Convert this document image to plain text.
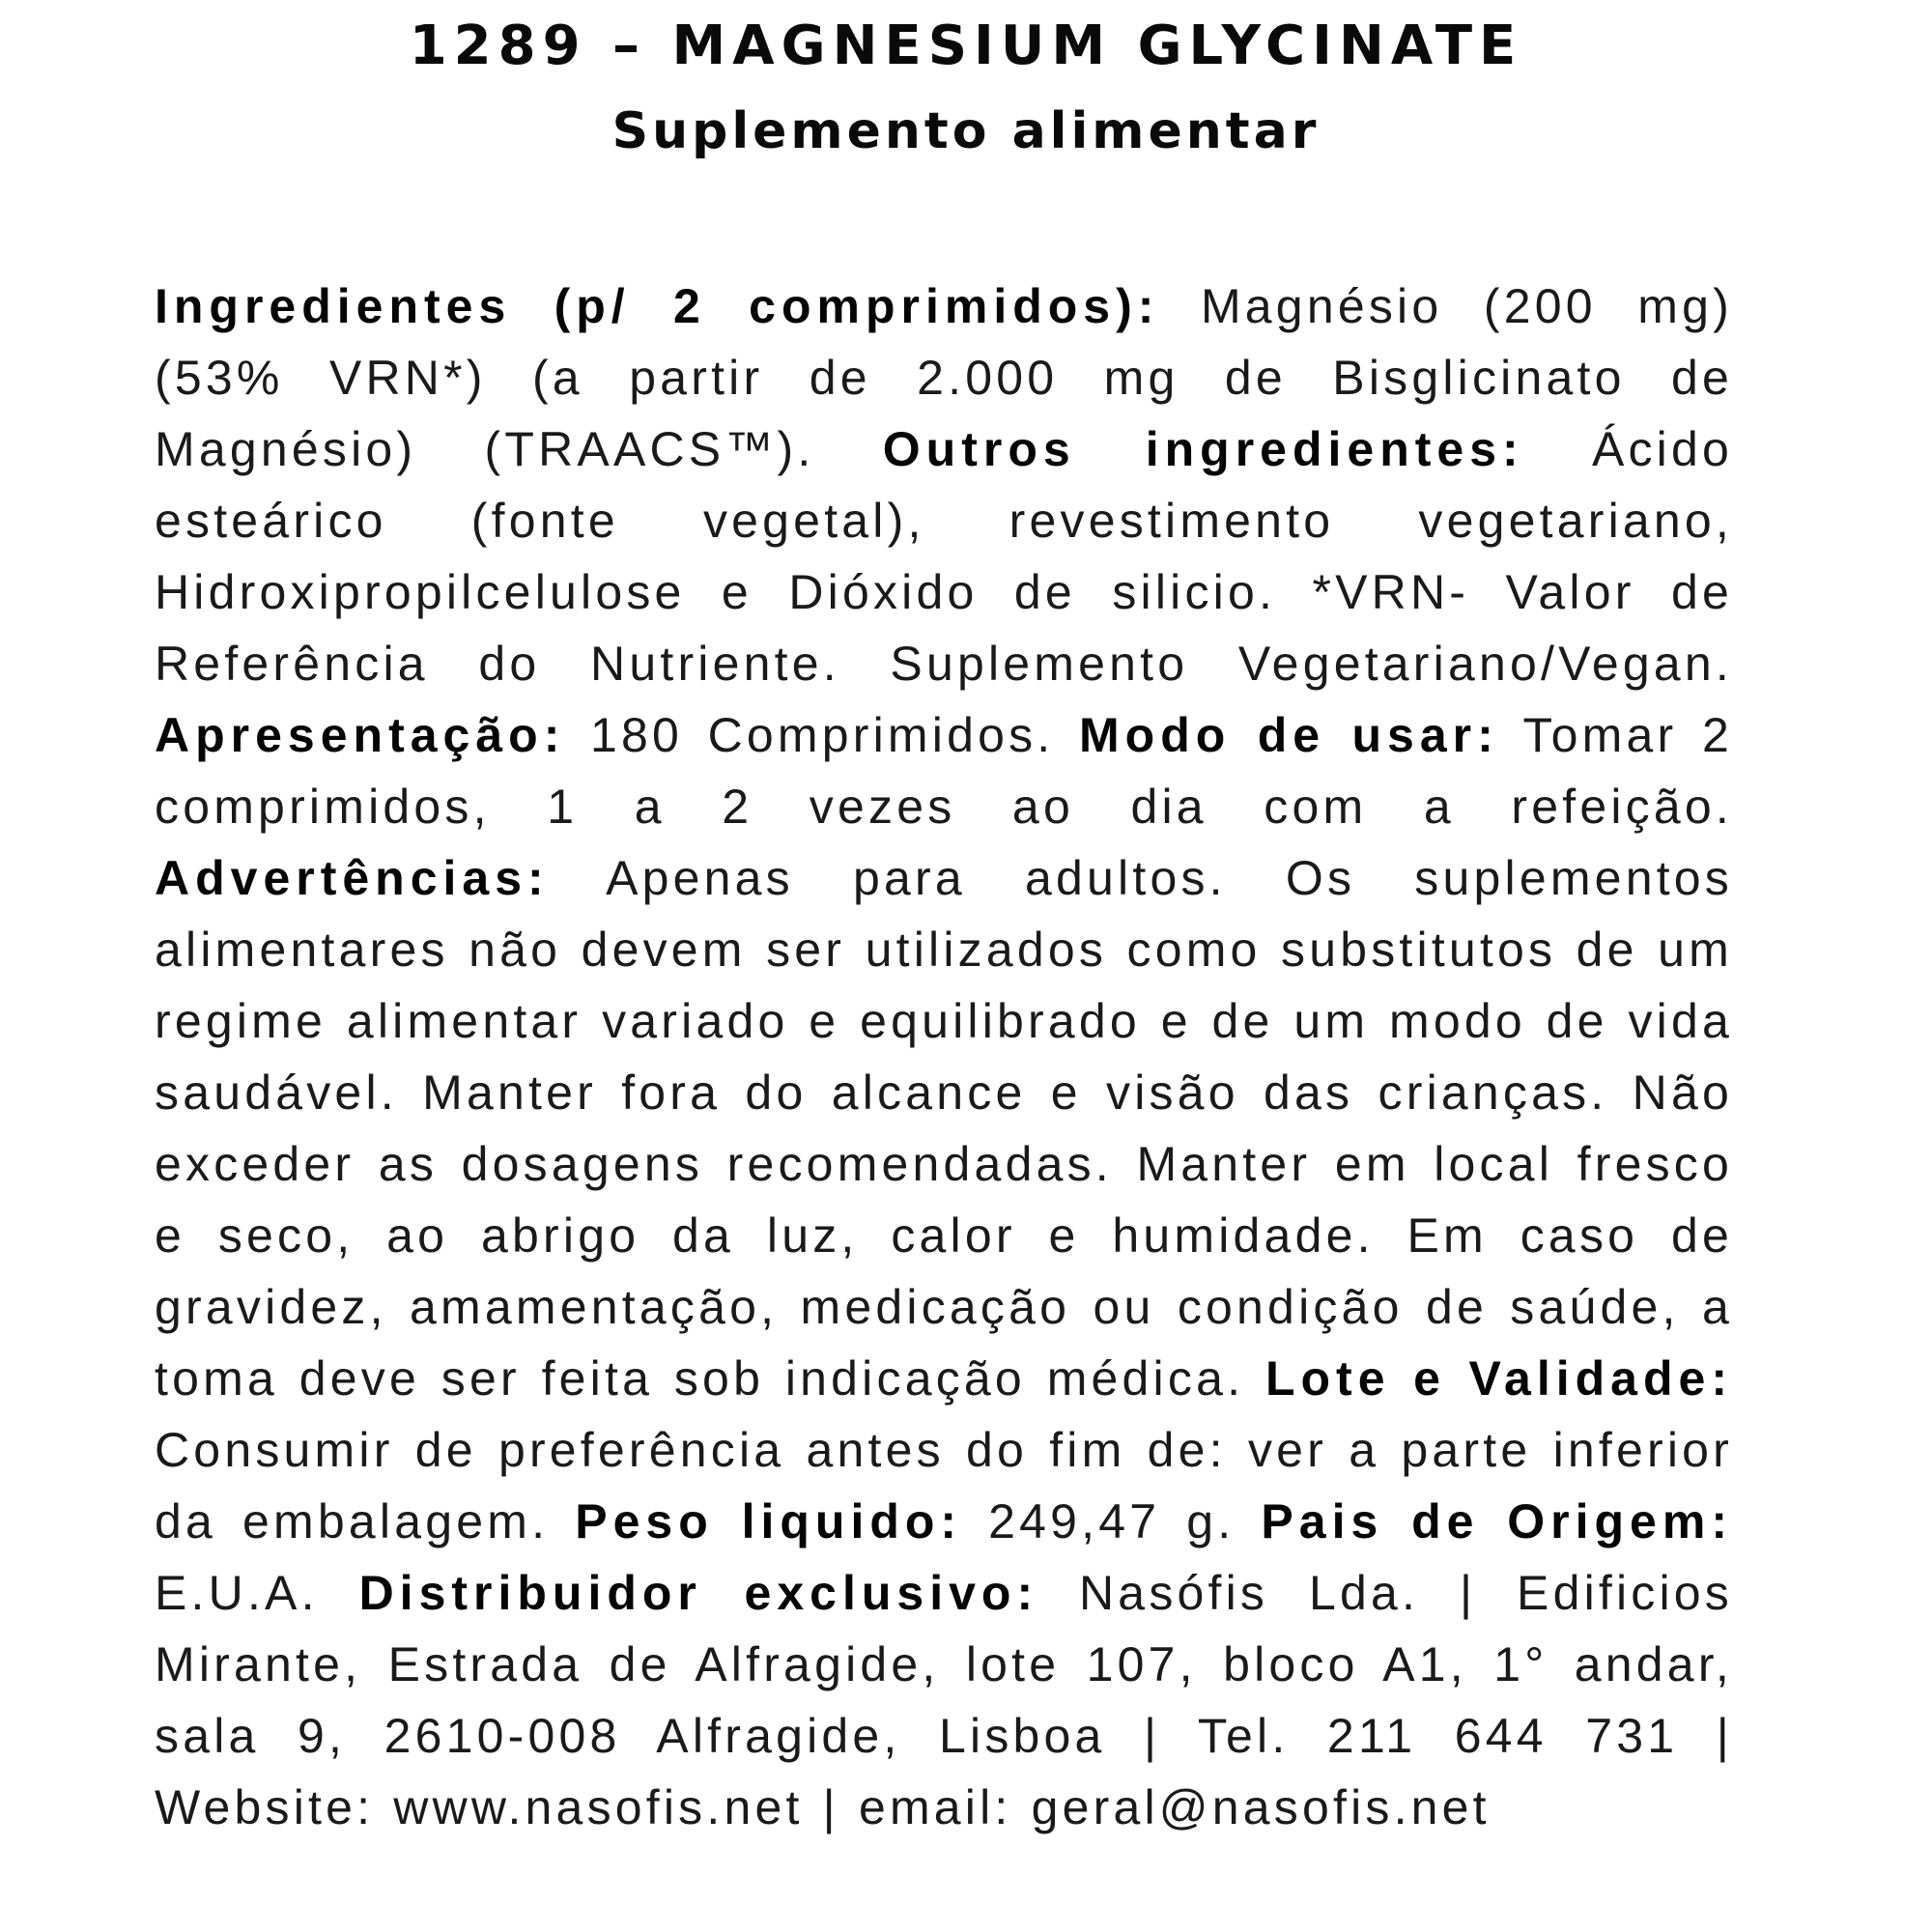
1289 – MAGNESIUM GLYCINATE
Suplemento alimentar

Ingredientes (p/ 2 comprimidos): Magnésio (200 mg) (53% VRN*) (a partir de 2.000 mg de Bisglicinato de Magnésio) (TRAACS™). Outros ingredientes: Ácido esteárico (fonte vegetal), revestimento vegetariano, Hidroxipropilcelulose e Dióxido de silicio. *VRN- Valor de Referência do Nutriente. Suplemento Vegetariano/Vegan. Apresentação: 180 Comprimidos. Modo de usar: Tomar 2 comprimidos, 1 a 2 vezes ao dia com a refeição. Advertências: Apenas para adultos. Os suplementos alimentares não devem ser utilizados como substitutos de um regime alimentar variado e equilibrado e de um modo de vida saudável. Manter fora do alcance e visão das crianças. Não exceder as dosagens recomendadas. Manter em local fresco e seco, ao abrigo da luz, calor e humidade. Em caso de gravidez, amamentação, medicação ou condição de saúde, a toma deve ser feita sob indicação médica. Lote e Validade: Consumir de preferência antes do fim de: ver a parte inferior da embalagem. Peso liquido: 249,47 g. Pais de Origem: E.U.A. Distribuidor exclusivo: Nasófis Lda. | Edificios Mirante, Estrada de Alfragide, lote 107, bloco A1, 1° andar, sala 9, 2610-008 Alfragide, Lisboa | Tel. 211 644 731 | Website: www.nasofis.net | email: geral@nasofis.net
